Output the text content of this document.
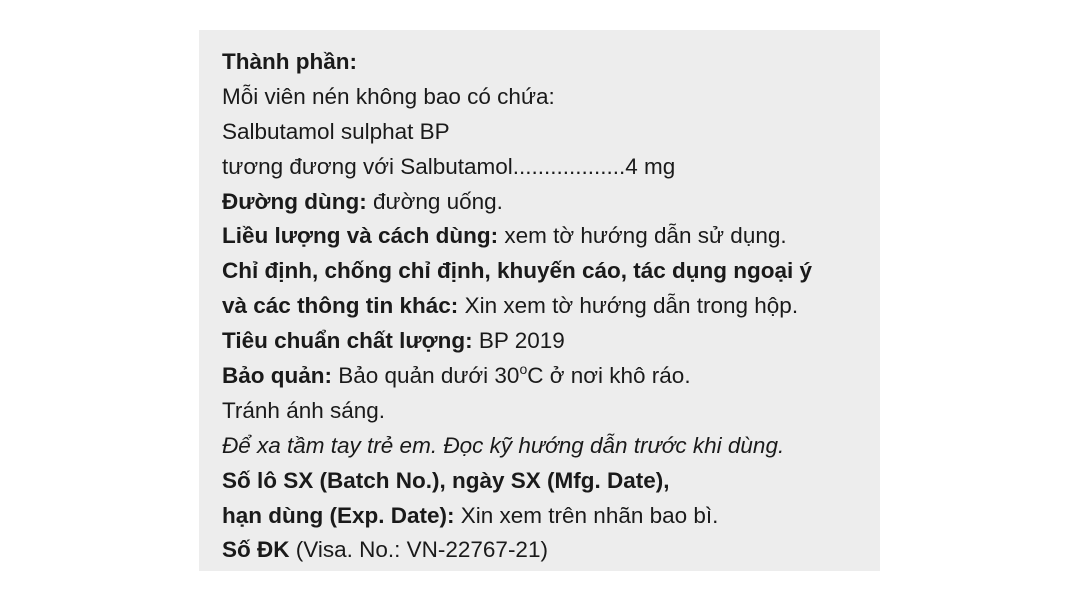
Thành phần:
Mỗi viên nén không bao có chứa:
Salbutamol sulphat BP
tương đương với Salbutamol..................4 mg
Đường dùng: đường uống.
Liều lượng và cách dùng: xem tờ hướng dẫn sử dụng.
Chỉ định, chống chỉ định, khuyến cáo, tác dụng ngoại ý
và các thông tin khác: Xin xem tờ hướng dẫn trong hộp.
Tiêu chuẩn chất lượng: BP 2019
Bảo quản: Bảo quản dưới 30$^o$C ở nơi khô ráo.
Tránh ánh sáng.
Để xa tầm tay trẻ em. Đọc kỹ hướng dẫn trước khi dùng.
Số lô SX (Batch No.), ngày SX (Mfg. Date),
hạn dùng (Exp. Date): Xin xem trên nhãn bao bì.
Số ĐK (Visa. No.: VN-22767-21)
